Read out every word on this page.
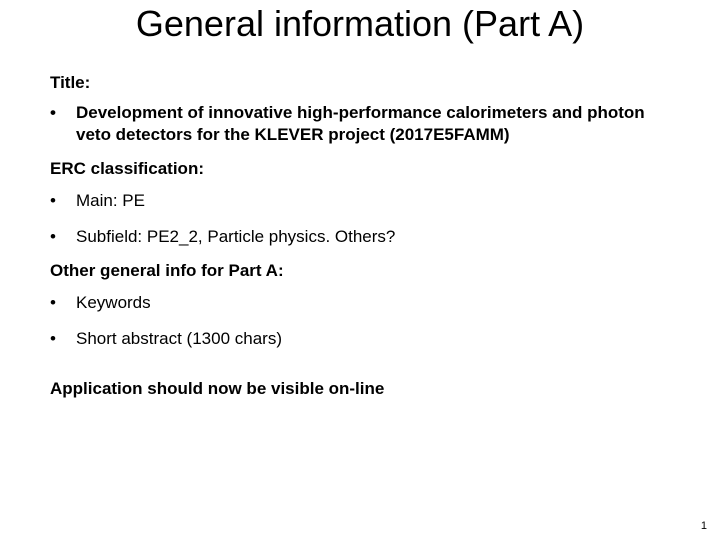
General information (Part A)

Title:

•	Development of innovative high-performance calorimeters and photon veto detectors for the KLEVER project (2017E5FAMM)

ERC classification:

•	Main: PE
•	Subfield: PE2_2, Particle physics. Others?

Other general info for Part A:

•	Keywords
•	Short abstract (1300 chars)

Application should now be visible on-line

1
